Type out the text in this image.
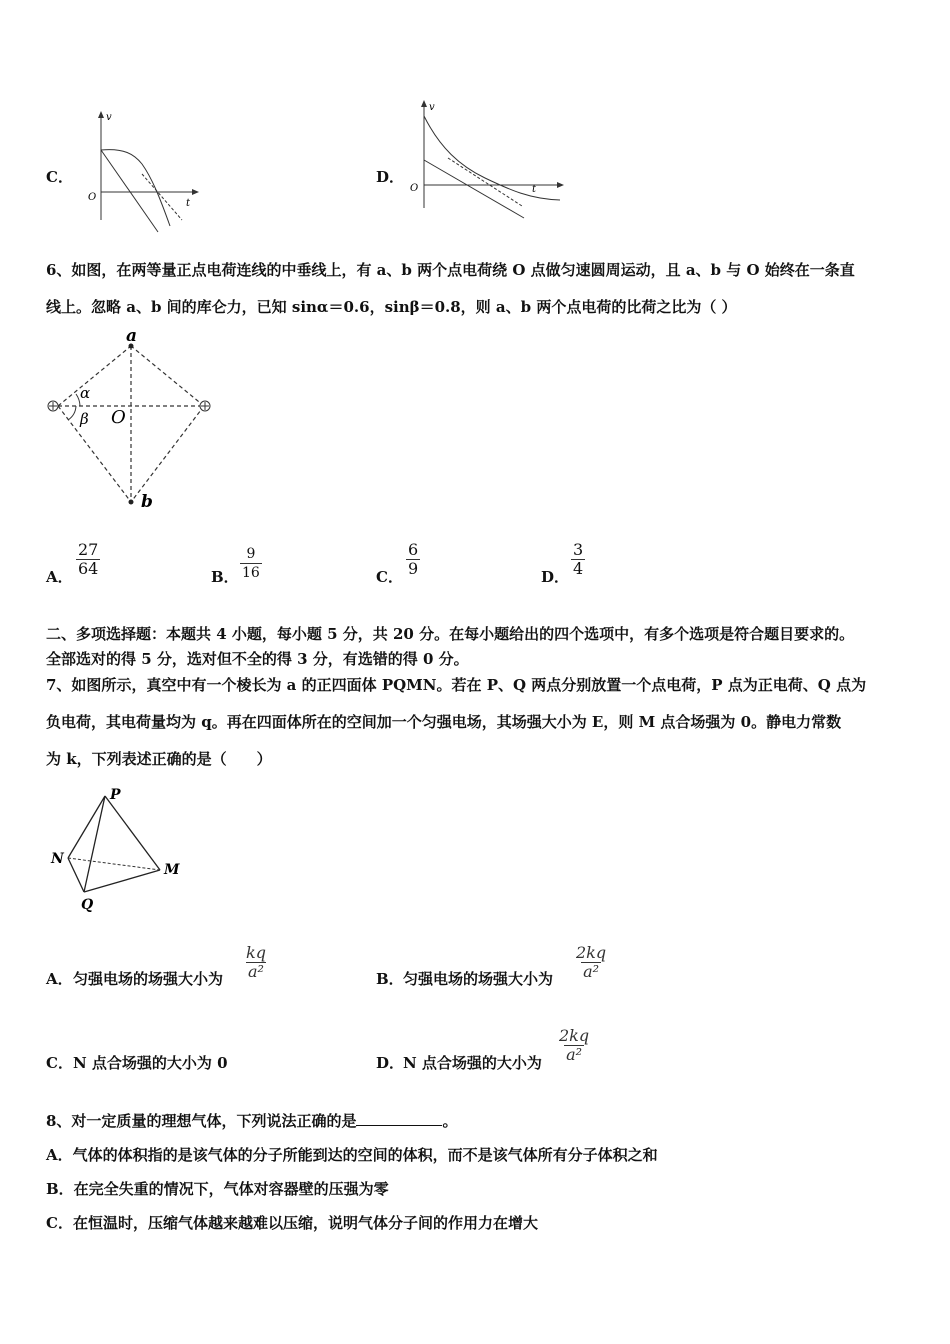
C．
v
t
O
D．
v
t
O
6、如图，在两等量正点电荷连线的中垂线上，有 a、b 两个点电荷绕 O 点做匀速圆周运动，且 a、b 与 O 始终在一条直
线上。忽略 a、b 间的库仑力，已知 sinα＝0.6，sinβ＝0.8，则 a、b 两个点电荷的比荷之比为（ ）
a
b
O
α
β
A． $\frac{27}{64}$	B． $\frac{9}{16}$	C． $\frac{6}{9}$	D． $\frac{3}{4}$
二、多项选择题：本题共 4 小题，每小题 5 分，共 20 分。在每小题给出的四个选项中，有多个选项是符合题目要求的。
全部选对的得 5 分，选对但不全的得 3 分，有选错的得 0 分。
7、如图所示，真空中有一个棱长为 a 的正四面体 PQMN。若在 P、Q 两点分别放置一个点电荷，P 点为正电荷、Q 点为
负电荷，其电荷量均为 q。再在四面体所在的空间加一个匀强电场，其场强大小为 E，则 M 点合场强为 0。静电力常数
为 k，下列表述正确的是（　　）
P
N
M
Q
A． 匀强电场的场强大小为 $\frac{kq}{\text{a²}}$	B． 匀强电场的场强大小为 $\frac{2kq}{\text{a²}}$
C． N 点合场强的大小为 0	D．
N 点合场强的大小为 $\frac{2kq}{\text{a²}}$
8、对一定质量的理想气体，下列说法正确的是	。
A．气体的体积指的是该气体的分子所能到达的空间的体积，而不是该气体所有分子体积之和
B．在完全失重的情况下，气体对容器壁的压强为零
C．在恒温时，压缩气体越来越难以压缩，说明气体分子间的作用力在增大
